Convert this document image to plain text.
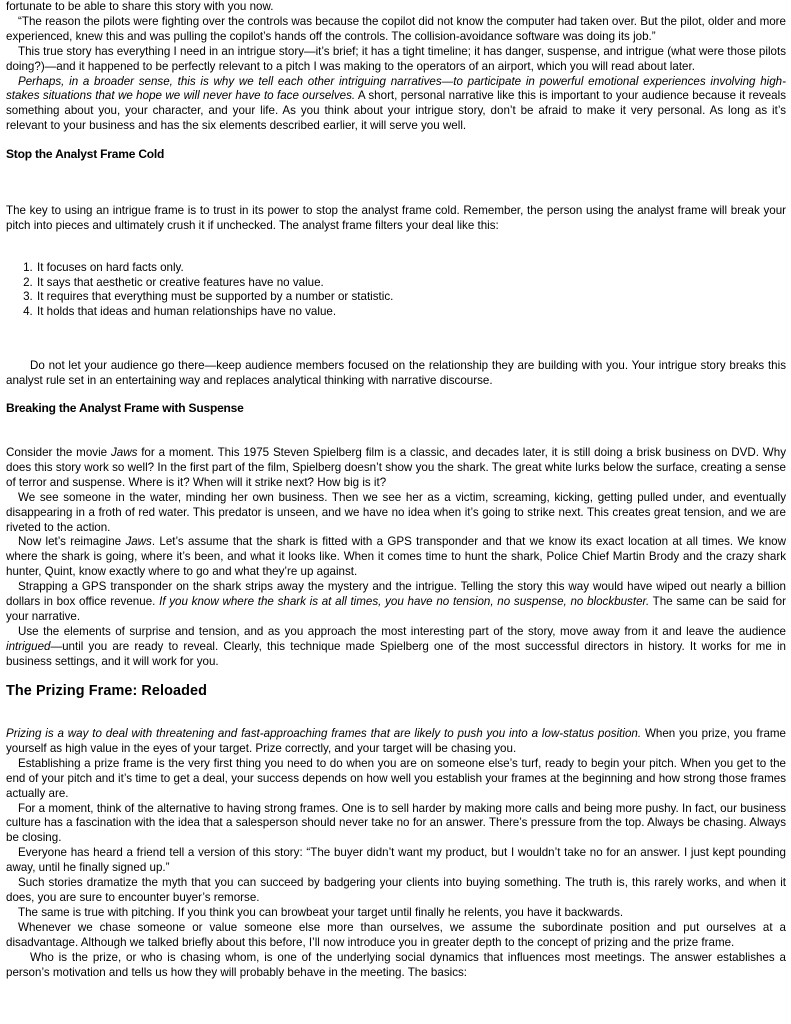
fortunate to be able to share this story with you now.

“The reason the pilots were fighting over the controls was because the copilot did not know the computer had taken over. But the pilot, older and more experienced, knew this and was pulling the copilot’s hands off the controls. The collision-avoidance software was doing its job.”

This true story has everything I need in an intrigue story—it’s brief; it has a tight timeline; it has danger, suspense, and intrigue (what were those pilots doing?)—and it happened to be perfectly relevant to a pitch I was making to the operators of an airport, which you will read about later.

Perhaps, in a broader sense, this is why we tell each other intriguing narratives—to participate in powerful emotional experiences involving high-stakes situations that we hope we will never have to face ourselves. A short, personal narrative like this is important to your audience because it reveals something about you, your character, and your life. As you think about your intrigue story, don’t be afraid to make it very personal. As long as it’s relevant to your business and has the six elements described earlier, it will serve you well.

Stop the Analyst Frame Cold

The key to using an intrigue frame is to trust in its power to stop the analyst frame cold. Remember, the person using the analyst frame will break your pitch into pieces and ultimately crush it if unchecked. The analyst frame filters your deal like this:

1. It focuses on hard facts only.
2. It says that aesthetic or creative features have no value.
3. It requires that everything must be supported by a number or statistic.
4. It holds that ideas and human relationships have no value.

Do not let your audience go there—keep audience members focused on the relationship they are building with you. Your intrigue story breaks this analyst rule set in an entertaining way and replaces analytical thinking with narrative discourse.

Breaking the Analyst Frame with Suspense

Consider the movie Jaws for a moment. This 1975 Steven Spielberg film is a classic, and decades later, it is still doing a brisk business on DVD. Why does this story work so well? In the first part of the film, Spielberg doesn’t show you the shark. The great white lurks below the surface, creating a sense of terror and suspense. Where is it? When will it strike next? How big is it?

We see someone in the water, minding her own business. Then we see her as a victim, screaming, kicking, getting pulled under, and eventually disappearing in a froth of red water. This predator is unseen, and we have no idea when it’s going to strike next. This creates great tension, and we are riveted to the action.

Now let’s reimagine Jaws. Let’s assume that the shark is fitted with a GPS transponder and that we know its exact location at all times. We know where the shark is going, where it’s been, and what it looks like. When it comes time to hunt the shark, Police Chief Martin Brody and the crazy shark hunter, Quint, know exactly where to go and what they’re up against.

Strapping a GPS transponder on the shark strips away the mystery and the intrigue. Telling the story this way would have wiped out nearly a billion dollars in box office revenue. If you know where the shark is at all times, you have no tension, no suspense, no blockbuster. The same can be said for your narrative.

Use the elements of surprise and tension, and as you approach the most interesting part of the story, move away from it and leave the audience intrigued—until you are ready to reveal. Clearly, this technique made Spielberg one of the most successful directors in history. It works for me in business settings, and it will work for you.

The Prizing Frame: Reloaded

Prizing is a way to deal with threatening and fast-approaching frames that are likely to push you into a low-status position. When you prize, you frame yourself as high value in the eyes of your target. Prize correctly, and your target will be chasing you.

Establishing a prize frame is the very first thing you need to do when you are on someone else’s turf, ready to begin your pitch. When you get to the end of your pitch and it’s time to get a deal, your success depends on how well you establish your frames at the beginning and how strong those frames actually are.

For a moment, think of the alternative to having strong frames. One is to sell harder by making more calls and being more pushy. In fact, our business culture has a fascination with the idea that a salesperson should never take no for an answer. There’s pressure from the top. Always be chasing. Always be closing.

Everyone has heard a friend tell a version of this story: “The buyer didn’t want my product, but I wouldn’t take no for an answer. I just kept pounding away, until he finally signed up.”

Such stories dramatize the myth that you can succeed by badgering your clients into buying something. The truth is, this rarely works, and when it does, you are sure to encounter buyer’s remorse.

The same is true with pitching. If you think you can browbeat your target until finally he relents, you have it backwards.

Whenever we chase someone or value someone else more than ourselves, we assume the subordinate position and put ourselves at a disadvantage. Although we talked briefly about this before, I’ll now introduce you in greater depth to the concept of prizing and the prize frame.

Who is the prize, or who is chasing whom, is one of the underlying social dynamics that influences most meetings. The answer establishes a person’s motivation and tells us how they will probably behave in the meeting. The basics:
